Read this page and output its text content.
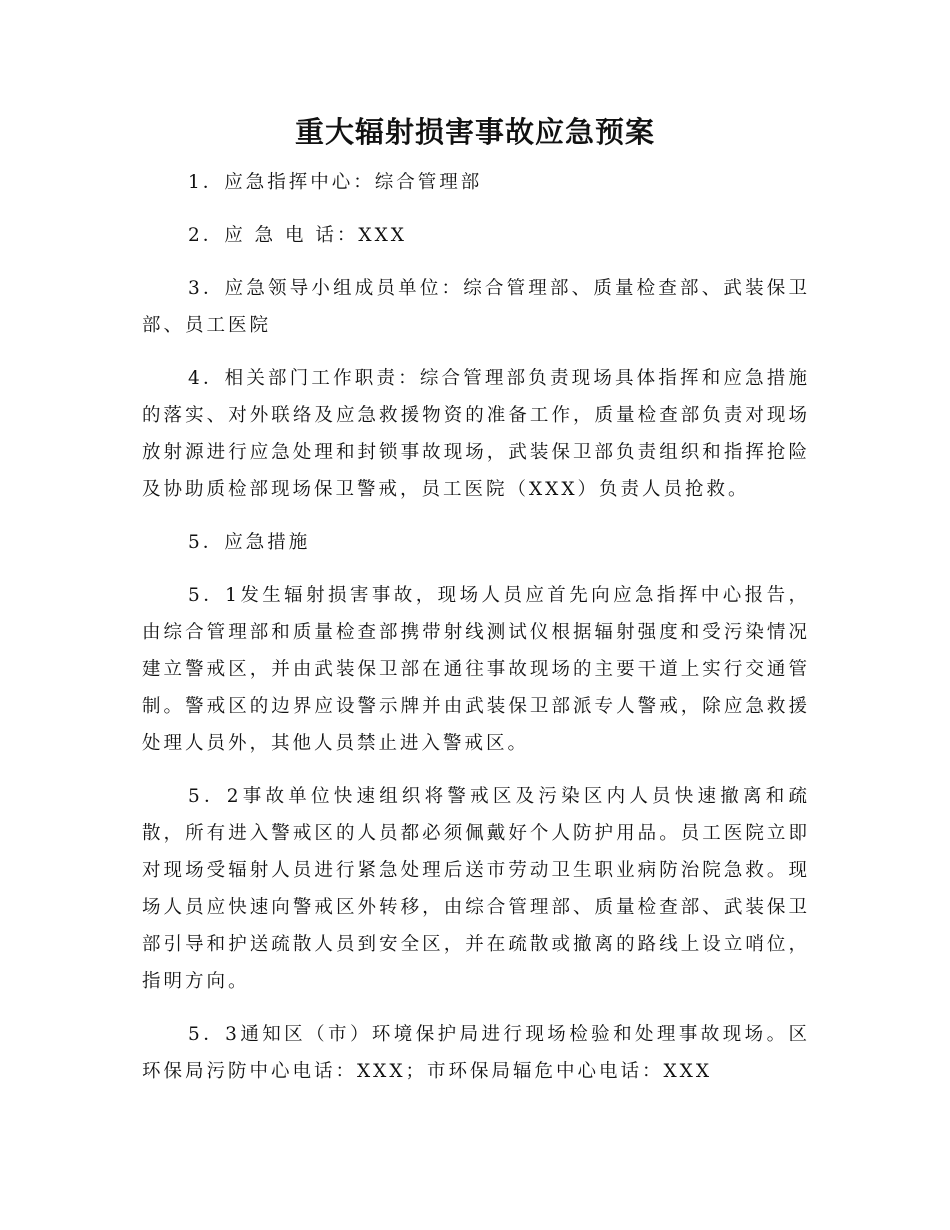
重大辐射损害事故应急预案

1．应急指挥中心：综合管理部

2．应 急 电 话：XXX

3．应急领导小组成员单位：综合管理部、质量检查部、武装保卫部、员工医院

4．相关部门工作职责：综合管理部负责现场具体指挥和应急措施的落实、对外联络及应急救援物资的准备工作，质量检查部负责对现场放射源进行应急处理和封锁事故现场，武装保卫部负责组织和指挥抢险及协助质检部现场保卫警戒，员工医院（XXX）负责人员抢救。

5．应急措施

5．1发生辐射损害事故，现场人员应首先向应急指挥中心报告，由综合管理部和质量检查部携带射线测试仪根据辐射强度和受污染情况建立警戒区，并由武装保卫部在通往事故现场的主要干道上实行交通管制。警戒区的边界应设警示牌并由武装保卫部派专人警戒，除应急救援处理人员外，其他人员禁止进入警戒区。

5．2事故单位快速组织将警戒区及污染区内人员快速撤离和疏散，所有进入警戒区的人员都必须佩戴好个人防护用品。员工医院立即对现场受辐射人员进行紧急处理后送市劳动卫生职业病防治院急救。现场人员应快速向警戒区外转移，由综合管理部、质量检查部、武装保卫部引导和护送疏散人员到安全区，并在疏散或撤离的路线上设立哨位，指明方向。

5．3通知区（市）环境保护局进行现场检验和处理事故现场。区环保局污防中心电话：XXX；市环保局辐危中心电话：XXX
